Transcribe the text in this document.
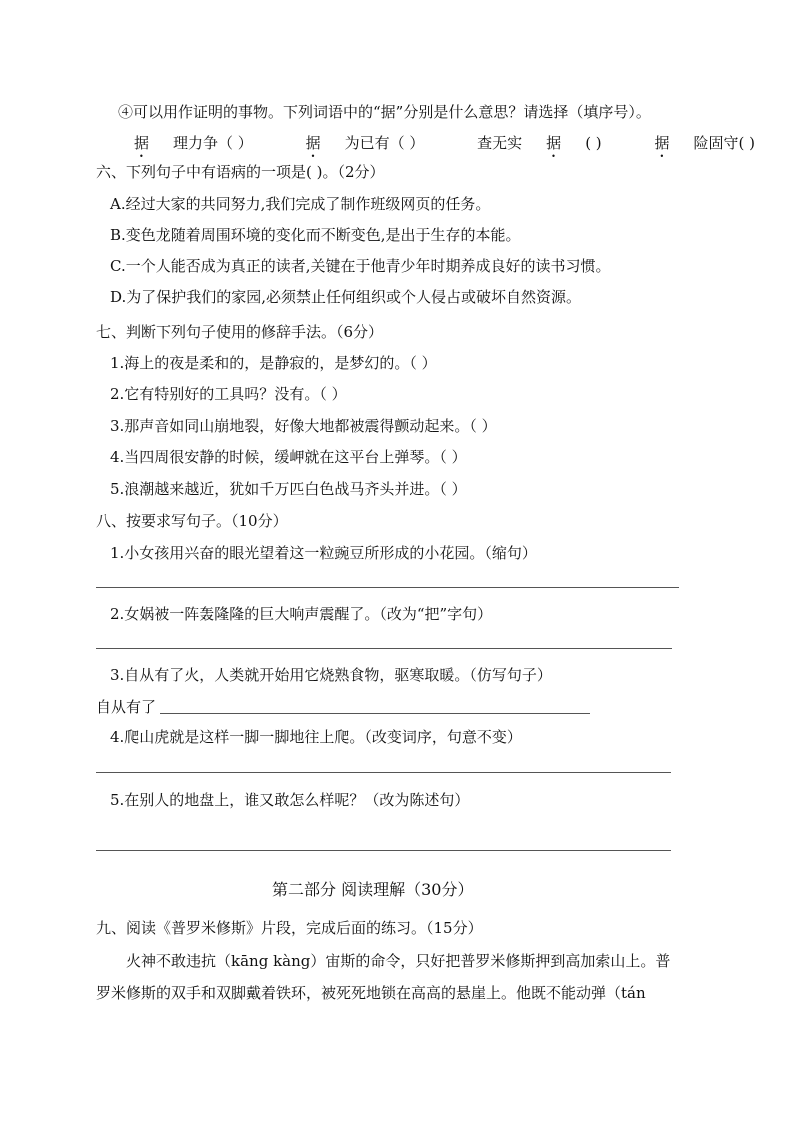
④可以用作证明的事物。下列词语中的“据”分别是什么意思？请选择（填序号）。
据 理力争（ ）	据 为已有（ ）	查无实 据 ( )	据 险固守( )
六、下列句子中有语病的一项是( )。（2分）
A.经过大家的共同努力,我们完成了制作班级网页的任务。
B.变色龙随着周围环境的变化而不断变色,是出于生存的本能。
C.一个人能否成为真正的读者,关键在于他青少年时期养成良好的读书习惯。
D.为了保护我们的家园,必须禁止任何组织或个人侵占或破坏自然资源。
七、判断下列句子使用的修辞手法。（6分）
1.海上的夜是柔和的，是静寂的，是梦幻的。（ ）
2.它有特别好的工具吗？没有。（ ）
3.那声音如同山崩地裂，好像大地都被震得颤动起来。（ ）
4.当四周很安静的时候，缓岬就在这平台上弹琴。（ ）
5.浪潮越来越近，犹如千万匹白色战马齐头并进。（ ）
八、按要求写句子。（10分）
1.小女孩用兴奋的眼光望着这一粒豌豆所形成的小花园。（缩句）
2.女娲被一阵轰隆隆的巨大响声震醒了。（改为“把”字句）
3.自从有了火，人类就开始用它烧熟食物，驱寒取暖。（仿写句子）
自从有了
4.爬山虎就是这样一脚一脚地往上爬。（改变词序，句意不变）
5.在别人的地盘上，谁又敢怎么样呢？（改为陈述句）
第二部分 阅读理解（30分）
九、阅读《普罗米修斯》片段，完成后面的练习。（15分）
火神不敢违抗（kāng kàng）宙斯的命令，只好把普罗米修斯押到高加索山上。普
罗米修斯的双手和双脚戴着铁环，被死死地锁在高高的悬崖上。他既不能动弹（tán
